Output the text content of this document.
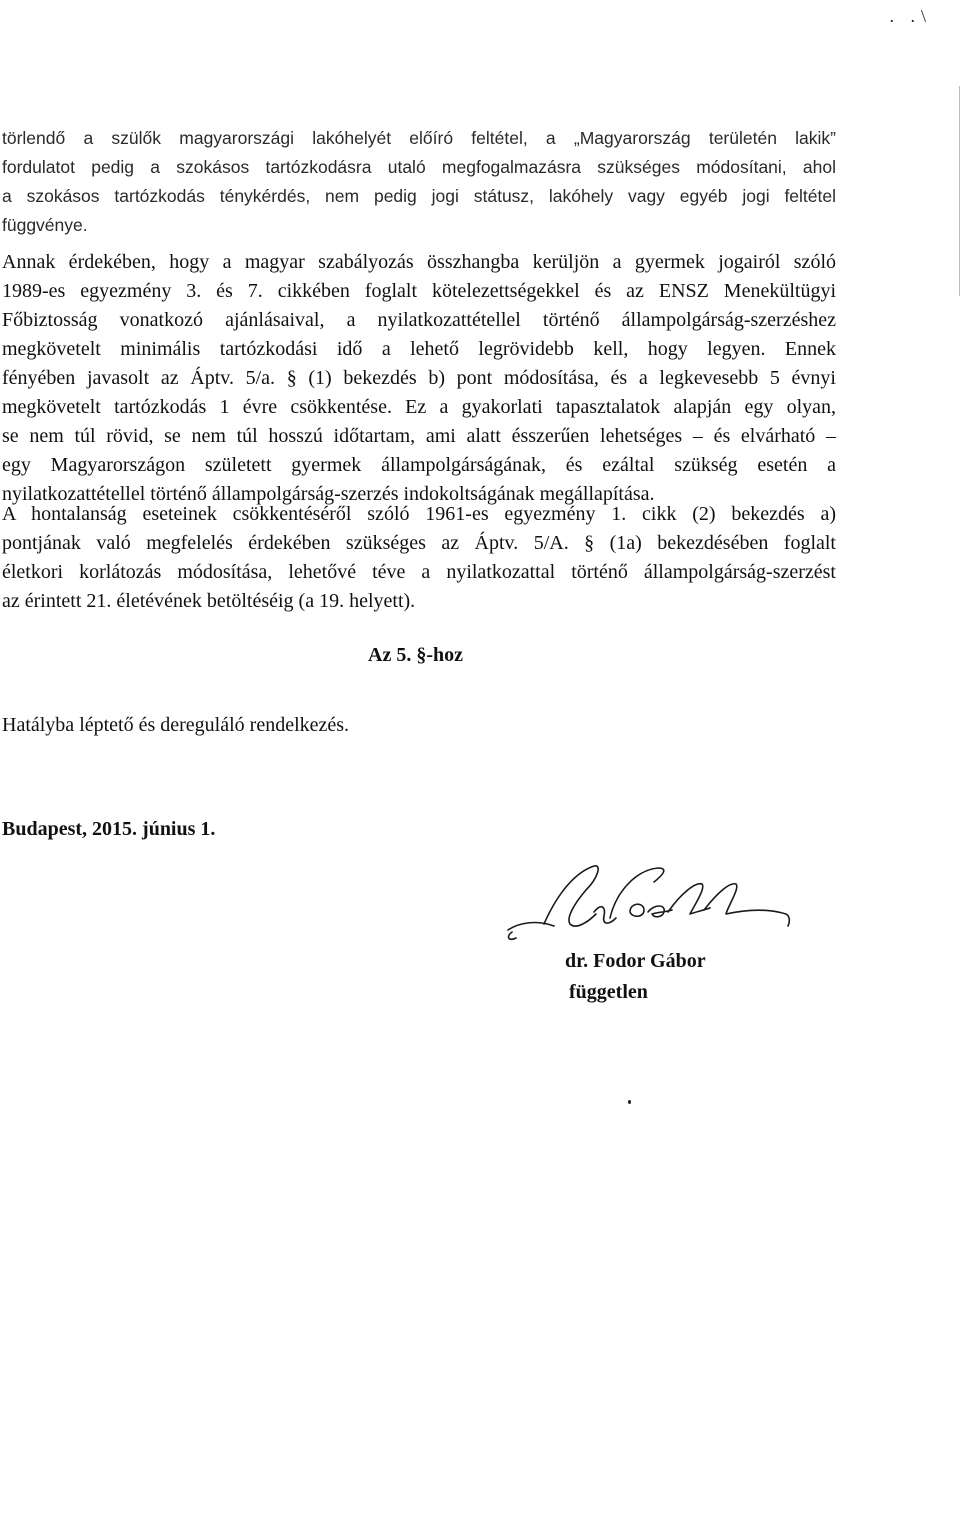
. .\

törlendő a szülők magyarországi lakóhelyét előíró feltétel, a „Magyarország területén lakik”
fordulatot pedig a szokásos tartózkodásra utaló megfogalmazásra szükséges módosítani, ahol
a szokásos tartózkodás ténykérdés, nem pedig jogi státusz, lakóhely vagy egyéb jogi feltétel
függvénye.

Annak érdekében, hogy a magyar szabályozás összhangba kerüljön a gyermek jogairól szóló
1989-es egyezmény 3. és 7. cikkében foglalt kötelezettségekkel és az ENSZ Menekültügyi
Főbiztosság vonatkozó ajánlásaival, a nyilatkozattétellel történő állampolgárság-szerzéshez
megkövetelt minimális tartózkodási idő a lehető legrövidebb kell, hogy legyen. Ennek
fényében javasolt az Áptv. 5/a. § (1) bekezdés b) pont módosítása, és a legkevesebb 5 évnyi
megkövetelt tartózkodás 1 évre csökkentése. Ez a gyakorlati tapasztalatok alapján egy olyan,
se nem túl rövid, se nem túl hosszú időtartam, ami alatt ésszerűen lehetséges – és elvárható –
egy Magyarországon született gyermek állampolgárságának, és ezáltal szükség esetén a
nyilatkozattétellel történő állampolgárság-szerzés indokoltságának megállapítása.

A hontalanság eseteinek csökkentéséről szóló 1961-es egyezmény 1. cikk (2) bekezdés a)
pontjának való megfelelés érdekében szükséges az Áptv. 5/A. § (1a) bekezdésében foglalt
életkori korlátozás módosítása, lehetővé téve a nyilatkozattal történő állampolgárság-szerzést
az érintett 21. életévének betöltéséig (a 19. helyett).

Az 5. §-hoz

Hatályba léptető és deregulál​ó rendelkezés.

Budapest, 2015. június 1.

dr. Fodor Gábor

független
